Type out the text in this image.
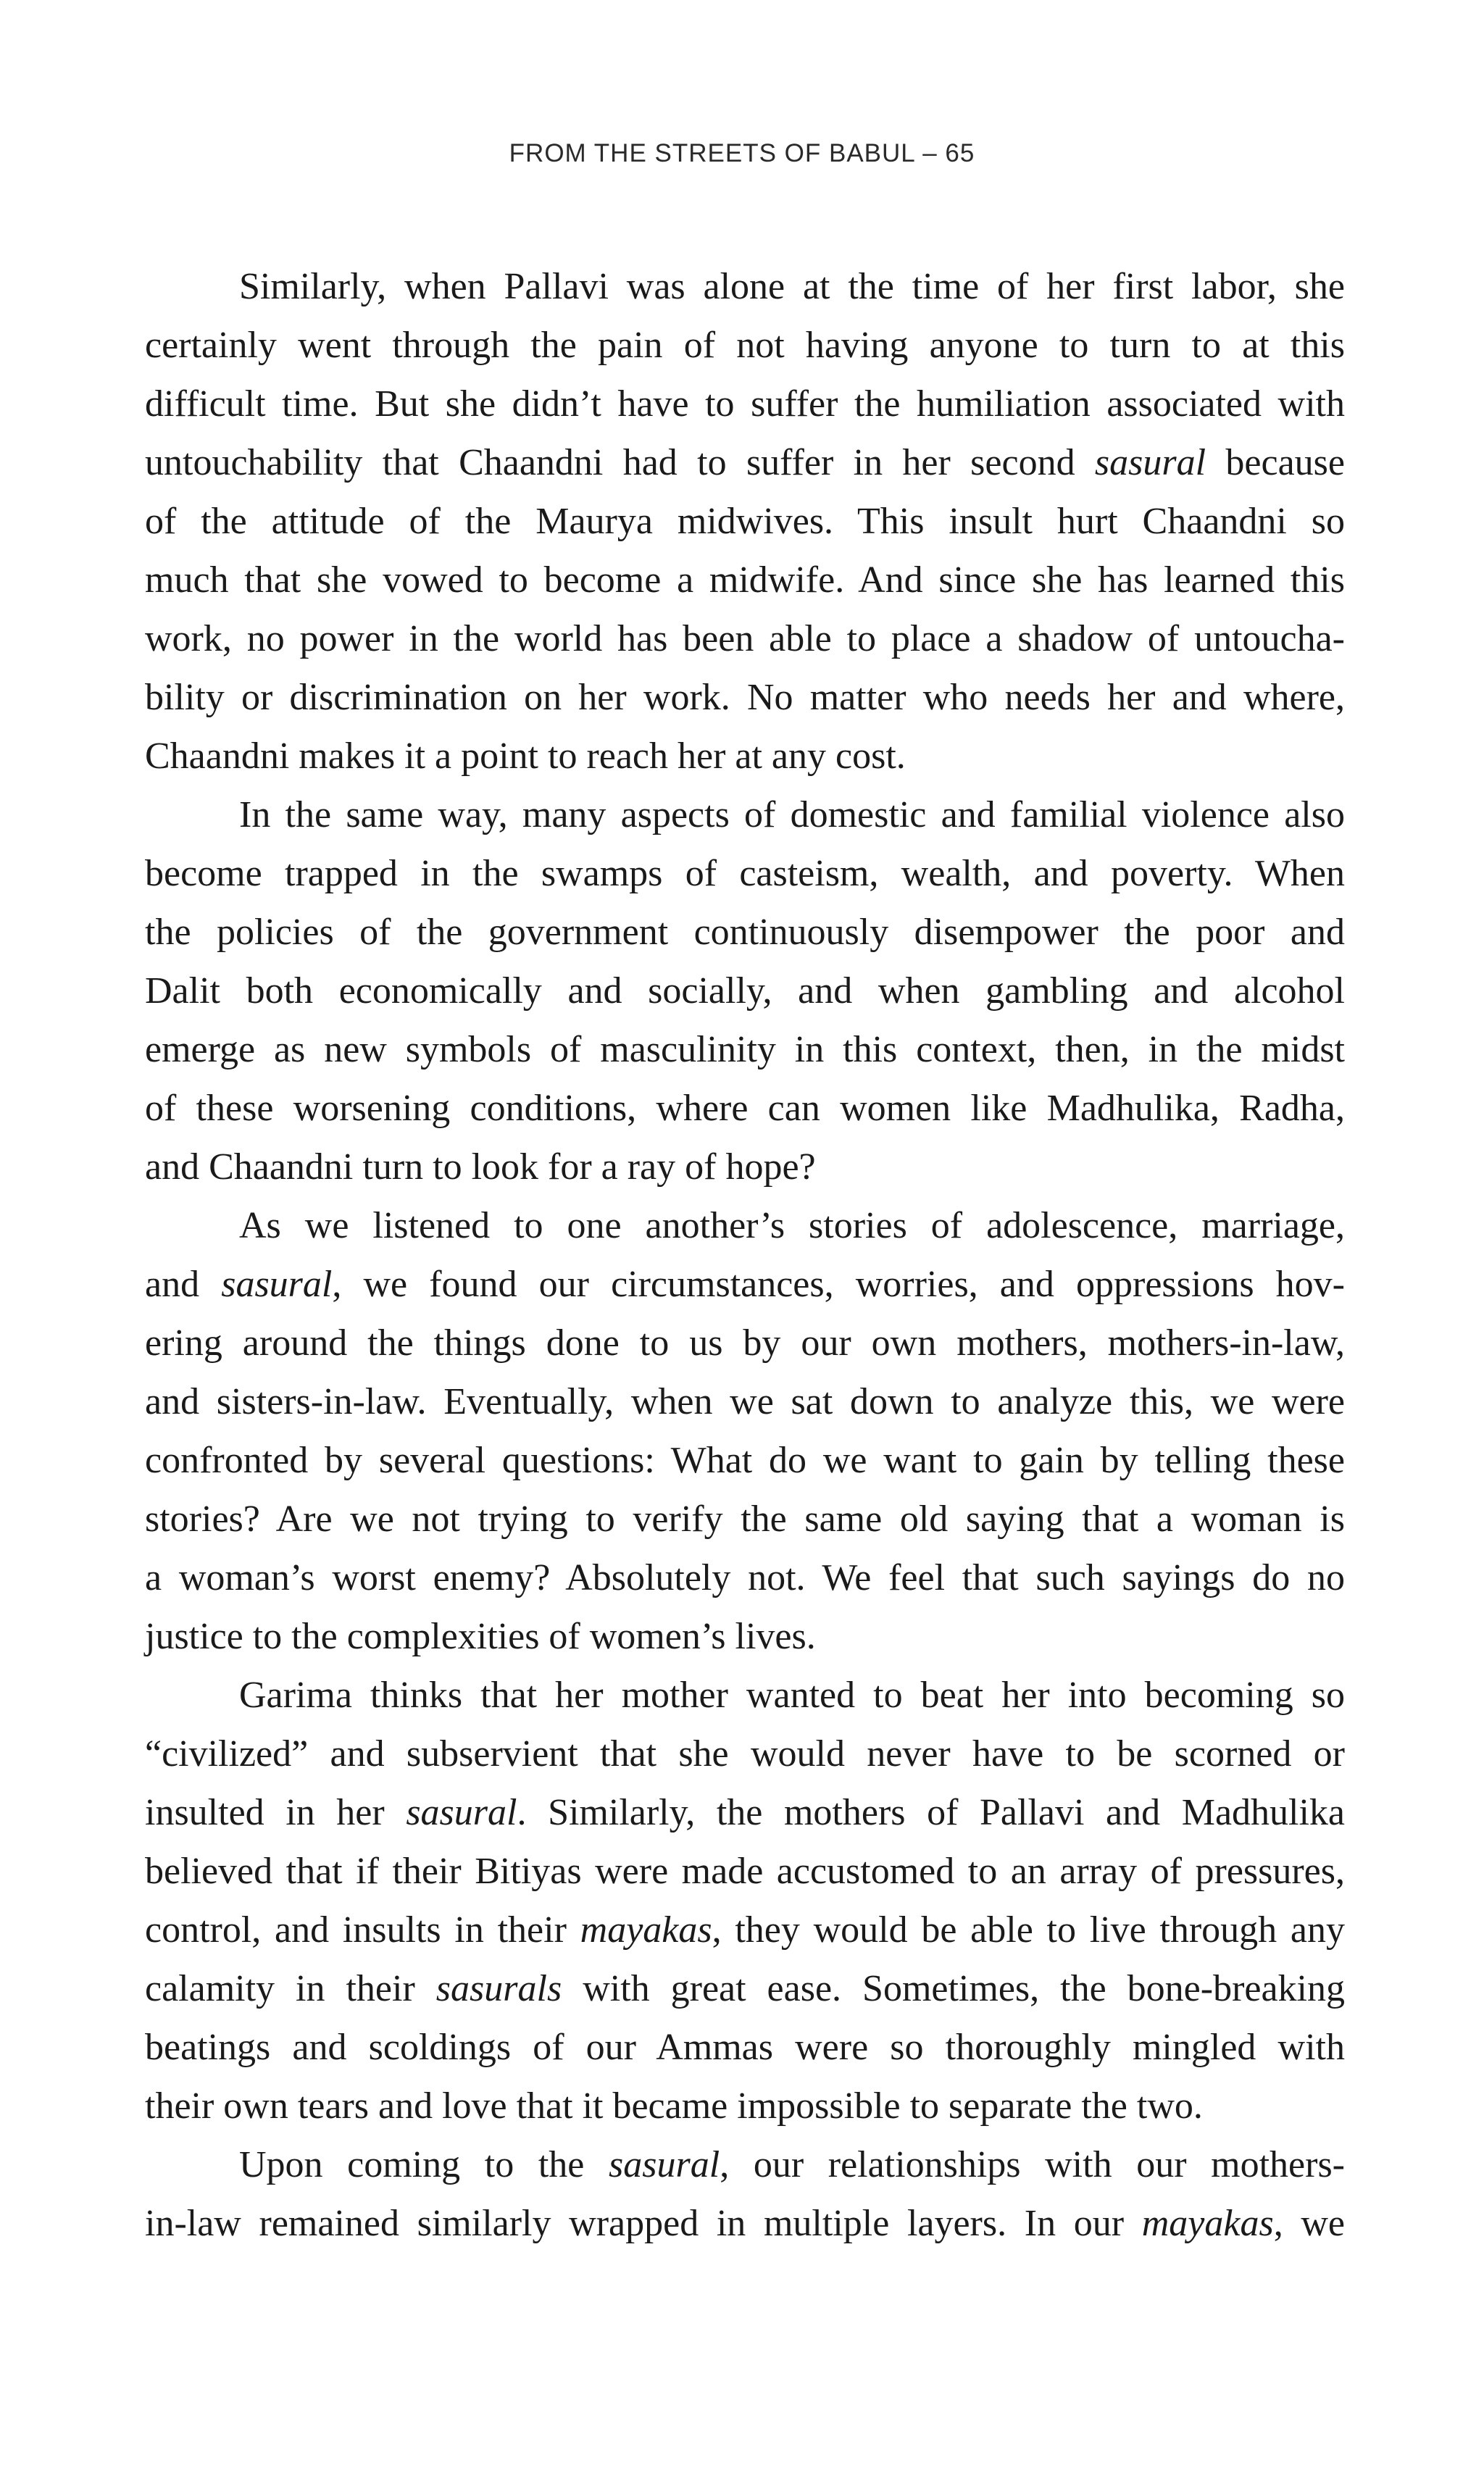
FROM THE STREETS OF BABUL – 65
Similarly, when Pallavi was alone at the time of her first labor, she
certainly went through the pain of not having anyone to turn to at this
difficult time. But she didn’t have to suffer the humiliation associated with
untouchability that Chaandni had to suffer in her second sasural because
of the attitude of the Maurya midwives. This insult hurt Chaandni so
much that she vowed to become a midwife. And since she has learned this
work, no power in the world has been able to place a shadow of untoucha-
bility or discrimination on her work. No matter who needs her and where,
Chaandni makes it a point to reach her at any cost.
In the same way, many aspects of domestic and familial violence also
become trapped in the swamps of casteism, wealth, and poverty. When
the policies of the government continuously disempower the poor and
Dalit both economically and socially, and when gambling and alcohol
emerge as new symbols of masculinity in this context, then, in the midst
of these worsening conditions, where can women like Madhulika, Radha,
and Chaandni turn to look for a ray of hope?
As we listened to one another’s stories of adolescence, marriage,
and sasural, we found our circumstances, worries, and oppressions hov-
ering around the things done to us by our own mothers, mothers-in-law,
and sisters-in-law. Eventually, when we sat down to analyze this, we were
confronted by several questions: What do we want to gain by telling these
stories? Are we not trying to verify the same old saying that a woman is
a woman’s worst enemy? Absolutely not. We feel that such sayings do no
justice to the complexities of women’s lives.
Garima thinks that her mother wanted to beat her into becoming so
“civilized” and subservient that she would never have to be scorned or
insulted in her sasural. Similarly, the mothers of Pallavi and Madhulika
believed that if their Bitiyas were made accustomed to an array of pressures,
control, and insults in their mayakas, they would be able to live through any
calamity in their sasurals with great ease. Sometimes, the bone-breaking
beatings and scoldings of our Ammas were so thoroughly mingled with
their own tears and love that it became impossible to separate the two.
Upon coming to the sasural, our relationships with our mothers-
in-law remained similarly wrapped in multiple layers. In our mayakas, we
